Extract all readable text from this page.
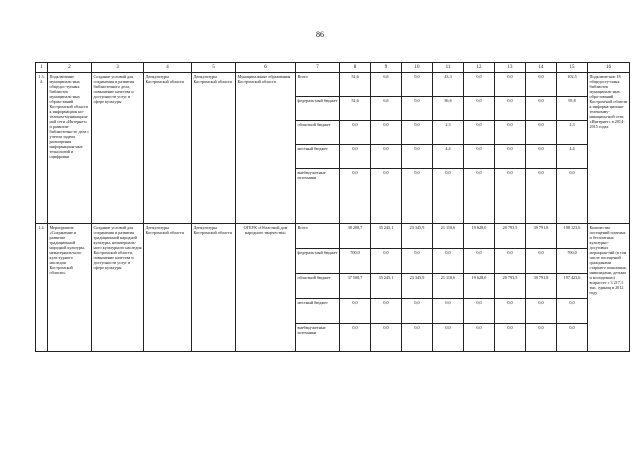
86
1	2	3	4	5	6	7	8	9	10	11	12	13	14	15	16
1.3.4.	Подключение муниципаль-ных общедос-тупных библиотек муниципаль-ных образо-ваний Костромской области к информацион но-телеком-муникацион-ной сети «Интернет» и развитие библиотечно-го дела с учетом задачи расширения информацион-ных технологий и оцифровки	Создание условий для сохранения и развития библиотечного дела, повышение качества и доступности услуг в сфере культуры	Депкультуры Костромской области	Депкультуры Костромской области	Муниципальные образования Костромской области	Всего	52,6	6,6	0,0	43,3	0,0	0,0	0,0	102,5	Подключе-ние 18 общедосту-пных библиотек муниципаль-ных обра-зований Костром-кой области к информа-ционно-телекомму-никацион-ной сети «Интернет» в 2014-2015 годах
						федераль-ный бюджет	52,6	6,6	0,0	36,6	0,0	0,0	0,0	95,8	
						областной бюджет	0,0	0,0	0,0	2,3	0,0	0,0	0,0	2,3	
						местный бюджет	0,0	0,0	0,0	4,4	0,0	0,0	0,0	4,4	
						внебюд-жетные источники	0,0	0,0	0,0	0,0	0,0	0,0	0,0	0,0	
1.4.	Мероприятие «Сохранение и развитие традиционной народной культуры, нематериаль-ного куль-турного наследия Костромской области»	Создание условий для сохранения и развития традиционной народной культуры, нематериаль-ного культурного наследия Костромской области, повышение качества и доступности услуг в сфере культуры	Депкультуры Костромской области	Депкультуры Костромской области	ОГБУК «Областной дом народного творчества»	Всего	38 208,7	35 245,1	23 345,9	21 110,6	19 628,0	20 793,5	39 791,8	198 123,6	Количество посещений платных и бесплатных культурно-досуговых мероприя-тий (в том числе посещений гражданами старшего поколения, инвалидами, детьми и молодежью) возрастет с 3 217,1 тыс. единиц в 2012 году
						федераль-ный бюджет	700,0	0,0	0,0	0,0	0,0	0,0	0,0	700,0	
						областной бюджет	37 508,7	35 245,1	23 345,9	21 110,6	19 628,0	20 793,5	39 791,8	197 423,6	
						местный бюджет	0,0	0,0	0,0	0,0	0,0	0,0	0,0	0,0	
						внебюд-жетные источники	0,0	0,0	0,0	0,0	0,0	0,0	0,0	0,0	
